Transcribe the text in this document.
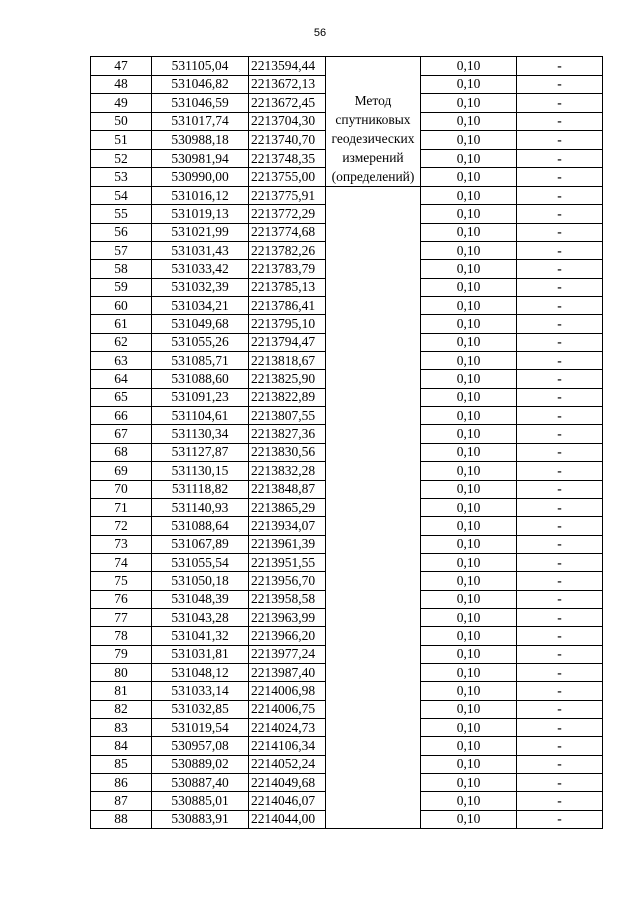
56
47	531105,04	2213594,44	Метод спутниковых геодезических измерений (определений)	0,10	-
48	531046,82	2213672,13		0,10	-
49	531046,59	2213672,45		0,10	-
50	531017,74	2213704,30		0,10	-
51	530988,18	2213740,70		0,10	-
52	530981,94	2213748,35		0,10	-
53	530990,00	2213755,00		0,10	-
54	531016,12	2213775,91		0,10	-
55	531019,13	2213772,29		0,10	-
56	531021,99	2213774,68		0,10	-
57	531031,43	2213782,26		0,10	-
58	531033,42	2213783,79		0,10	-
59	531032,39	2213785,13		0,10	-
60	531034,21	2213786,41		0,10	-
61	531049,68	2213795,10		0,10	-
62	531055,26	2213794,47		0,10	-
63	531085,71	2213818,67		0,10	-
64	531088,60	2213825,90		0,10	-
65	531091,23	2213822,89		0,10	-
66	531104,61	2213807,55		0,10	-
67	531130,34	2213827,36		0,10	-
68	531127,87	2213830,56		0,10	-
69	531130,15	2213832,28		0,10	-
70	531118,82	2213848,87		0,10	-
71	531140,93	2213865,29		0,10	-
72	531088,64	2213934,07		0,10	-
73	531067,89	2213961,39		0,10	-
74	531055,54	2213951,55		0,10	-
75	531050,18	2213956,70		0,10	-
76	531048,39	2213958,58		0,10	-
77	531043,28	2213963,99		0,10	-
78	531041,32	2213966,20		0,10	-
79	531031,81	2213977,24		0,10	-
80	531048,12	2213987,40		0,10	-
81	531033,14	2214006,98		0,10	-
82	531032,85	2214006,75		0,10	-
83	531019,54	2214024,73		0,10	-
84	530957,08	2214106,34		0,10	-
85	530889,02	2214052,24		0,10	-
86	530887,40	2214049,68		0,10	-
87	530885,01	2214046,07		0,10	-
88	530883,91	2214044,00		0,10	-
